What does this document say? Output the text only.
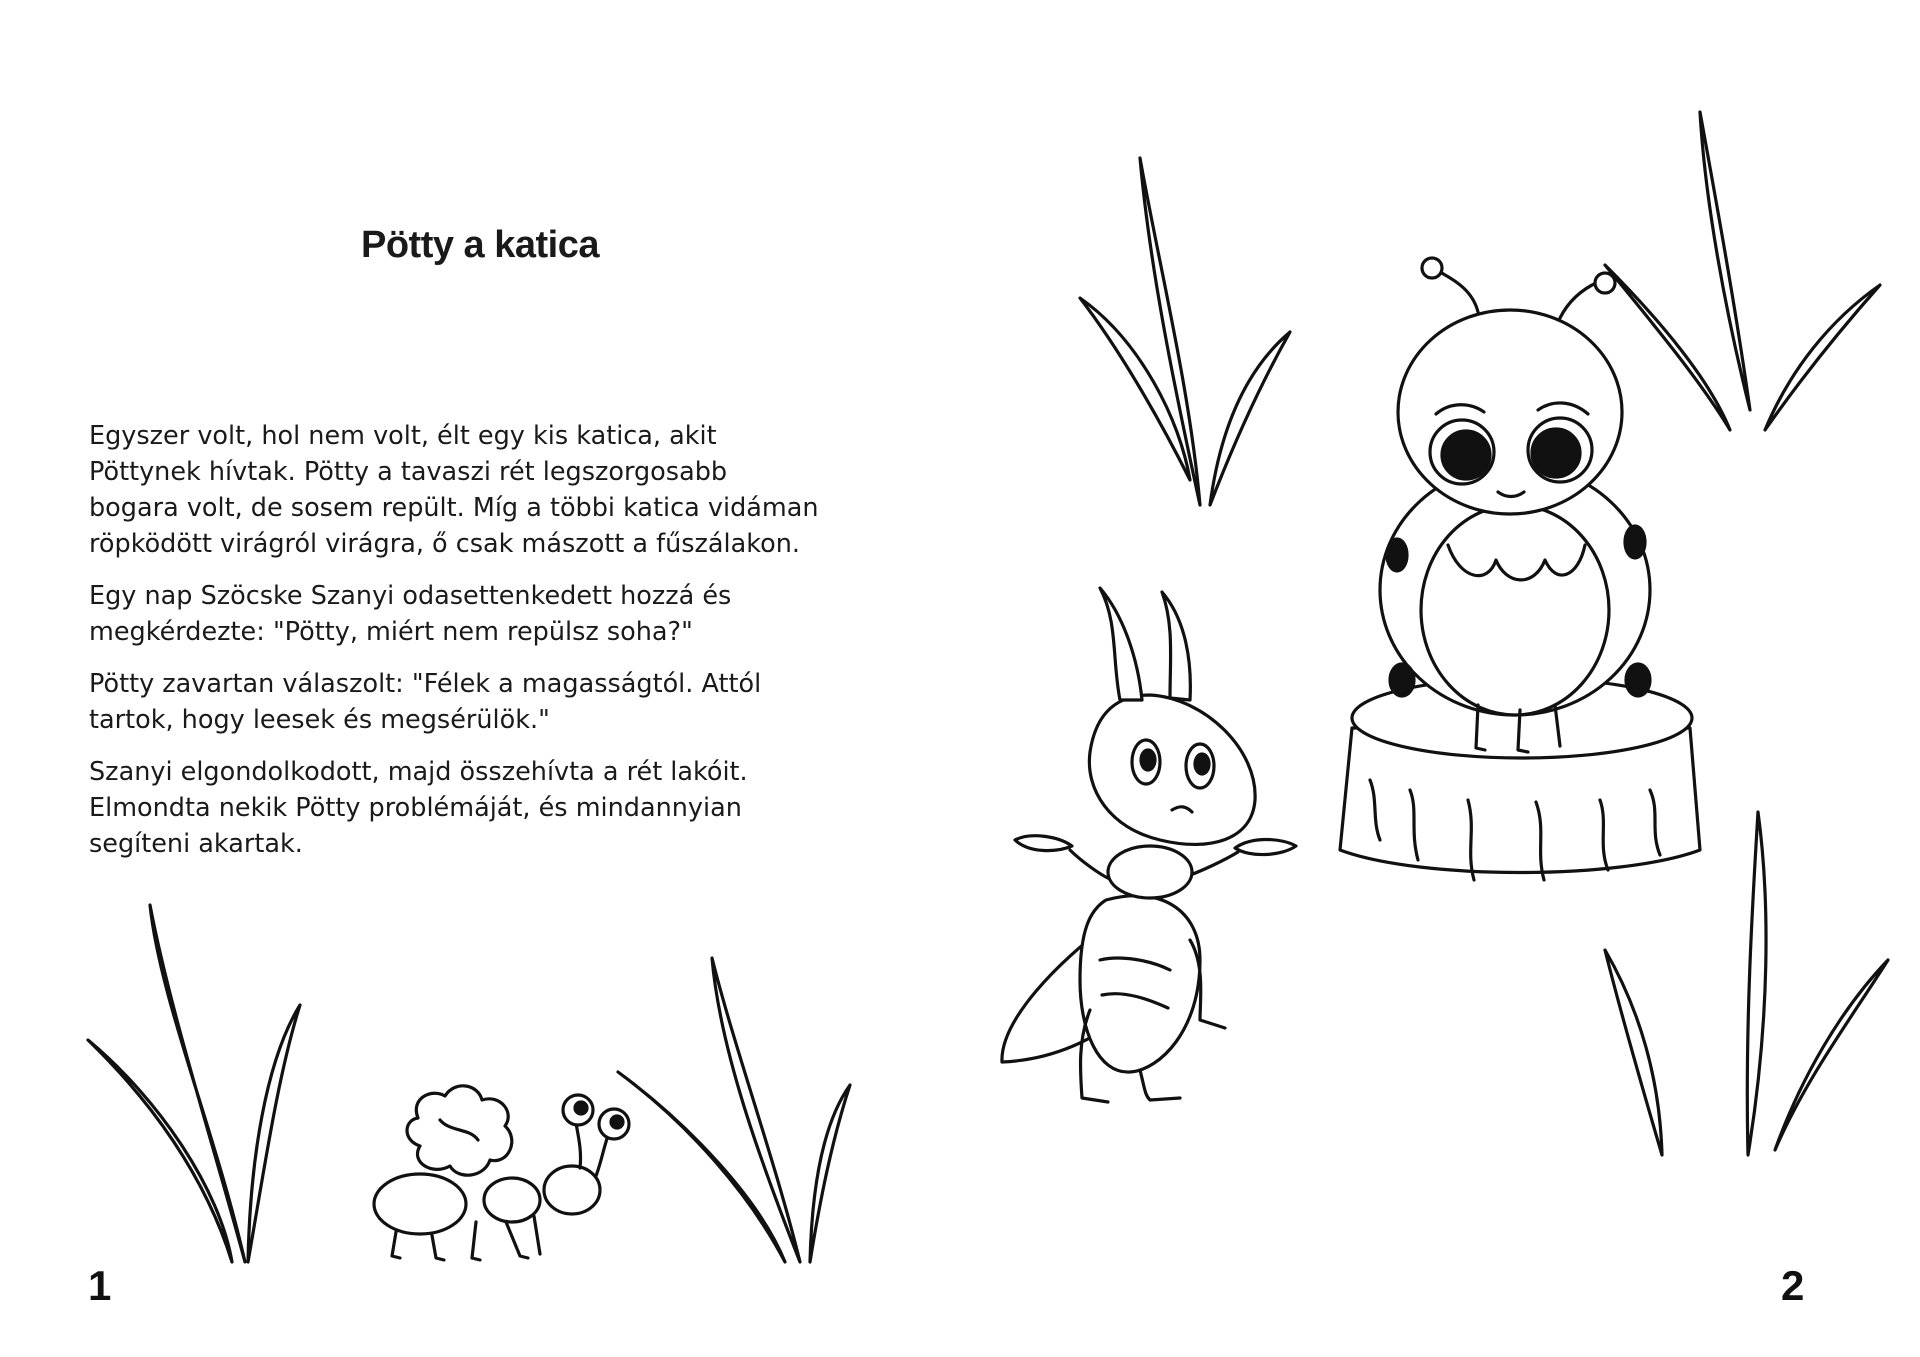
Pötty a katica

Egyszer volt, hol nem volt, élt egy kis katica, akit
Pöttynek hívtak. Pötty a tavaszi rét legszorgosabb
bogara volt, de sosem repült. Míg a többi katica vidáman
röpködött virágról virágra, ő csak mászott a fűszálakon.

Egy nap Szöcske Szanyi odasettenkedett hozzá és
megkérdezte: "Pötty, miért nem repülsz soha?"

Pötty zavartan válaszolt: "Félek a magasságtól. Attól
tartok, hogy leesek és megsérülök."

Szanyi elgondolkodott, majd összehívta a rét lakóit.
Elmondta nekik Pötty problémáját, és mindannyian
segíteni akartak.

1	2
